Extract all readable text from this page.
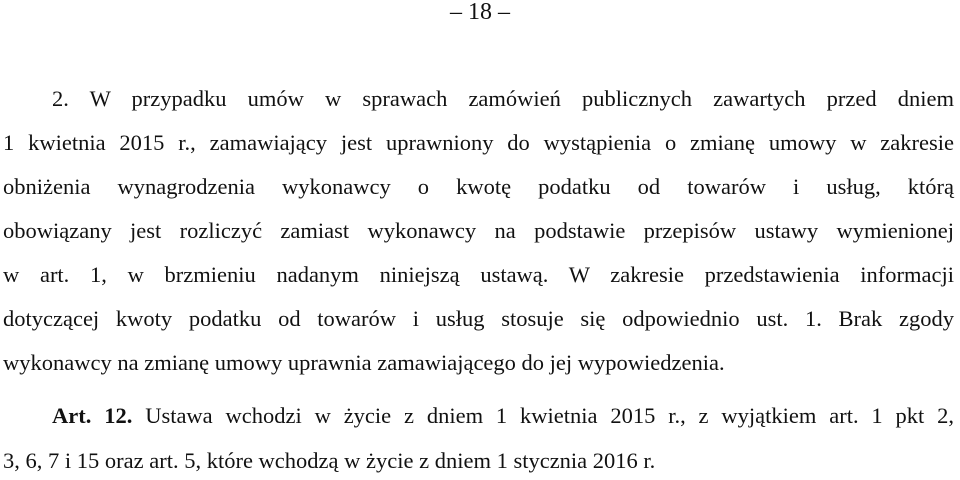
– 18 –
2. W przypadku umów w sprawach zamówień publicznych zawartych przed dniem
1 kwietnia 2015 r., zamawiający jest uprawniony do wystąpienia o zmianę umowy w zakresie
obniżenia wynagrodzenia wykonawcy o kwotę podatku od towarów i usług, którą
obowiązany jest rozliczyć zamiast wykonawcy na podstawie przepisów ustawy wymienionej
w art. 1, w brzmieniu nadanym niniejszą ustawą. W zakresie przedstawienia informacji
dotyczącej kwoty podatku od towarów i usług stosuje się odpowiednio ust. 1. Brak zgody
wykonawcy na zmianę umowy uprawnia zamawiającego do jej wypowiedzenia.
Art. 12. Ustawa wchodzi w życie z dniem 1 kwietnia 2015 r., z wyjątkiem art. 1 pkt 2,
3, 6, 7 i 15 oraz art. 5, które wchodzą w życie z dniem 1 stycznia 2016 r.
